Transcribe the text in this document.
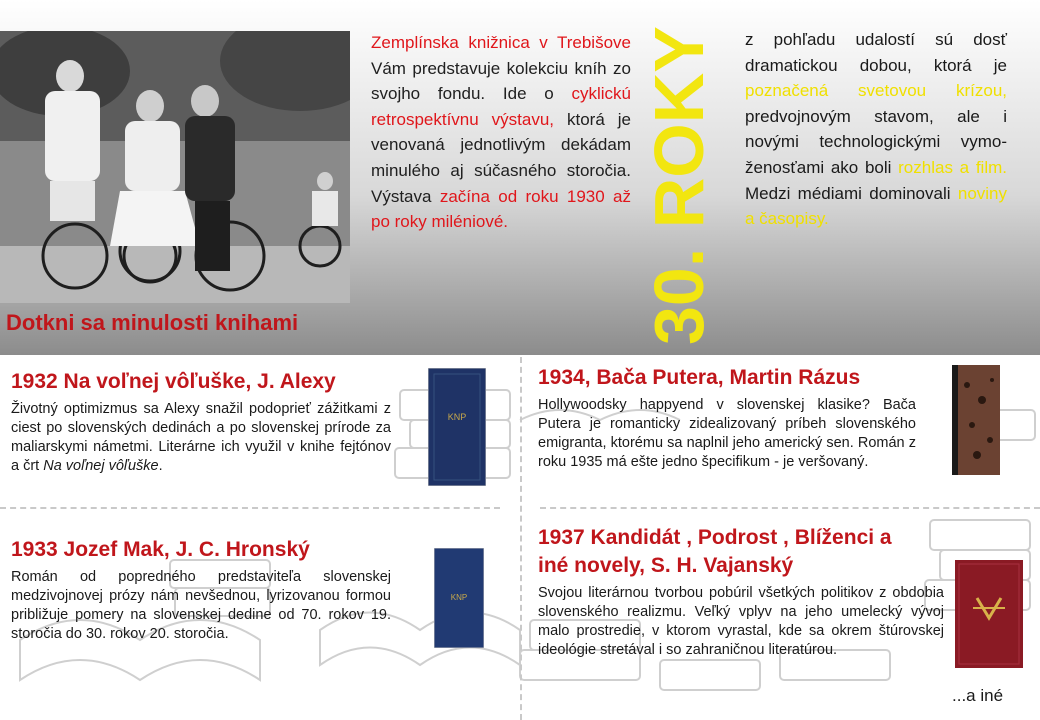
Dotkni sa minulosti knihami
Zemplínska knižnica v Trebišove Vám predstavuje kolekciu kníh zo svojho fondu. Ide o cyklickú retrospektívnu výstavu, ktorá je venovaná jednotlivým dekádam minulého aj súčasného storočia. Výstava začína od roku 1930 až po roky miléniové.	30. ROKY z pohľadu udalostí sú dosť dramatickou dobou, ktorá je poznačená svetovou krízou, predvojnovým stavom, ale i novými technologickými vymo-ženosťami ako boli rozhlas a film. Medzi médiami dominovali noviny a časopisy.
1932 Na voľnej vôľuške, J. Alexy

Životný optimizmus sa Alexy snažil podoprieť zážitkami z ciest po slovenských dedinách a po slovenskej prírode za maliarskymi námetmi. Literárne ich využil v knihe fejtónov a črt Na voľnej vôľuške.

KNP
1934, Bača Putera, Martin Rázus

Hollywoodsky happyend v slovenskej klasike? Bača Putera je romanticky zidealizovaný príbeh slovenského emigranta, ktorému sa naplnil jeho americký sen. Román z roku 1935 má ešte jedno špecifikum - je veršovaný.

1933 Jozef Mak, J. C. Hronský

Román od popredného predstaviteľa slovenskej medzivojnovej prózy nám nevšednou, lyrizovanou formou približuje pomery na slovenskej dedine od 70. rokov 19. storočia do 30. rokov 20. storočia.

KNP
1937 Kandidát , Podrost , Blíženci a
iné novely, S. H. Vajanský

Svojou literárnou tvorbou pobúril všetkých politikov z obdobia slovenského realizmu. Veľký vplyv na jeho umelecký vývoj malo prostredie, v ktorom vyrastal, kde sa okrem štúrovskej ideológie stretával i so zahraničnou literatúrou.

...a iné
